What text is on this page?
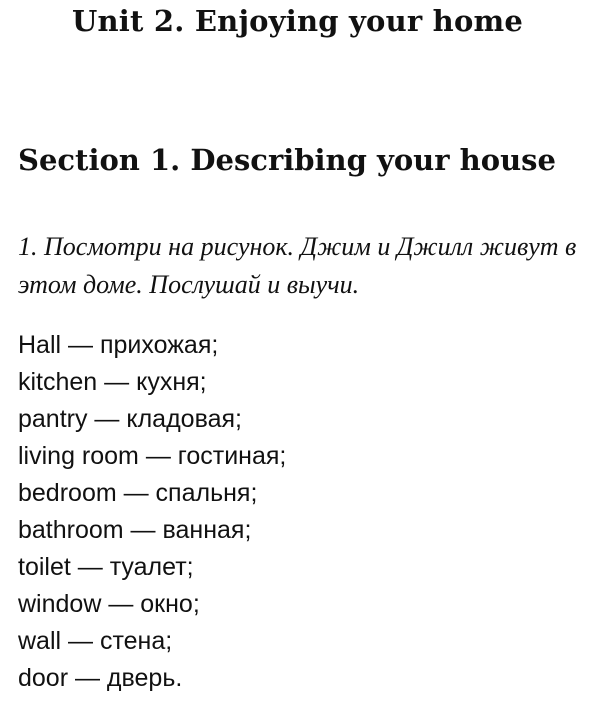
Unit 2. Enjoying your home
Section 1. Describing your house

1. Посмотри на рисунок. Джим и Джилл живут в этом доме. Послушай и выучи.

Hall — прихожая;
kitchen — кухня;
pantry — кладовая;
living room — гостиная;
bedroom — спальня;
bathroom — ванная;
toilet — туалет;
window — окно;
wall — стена;
door — дверь.
